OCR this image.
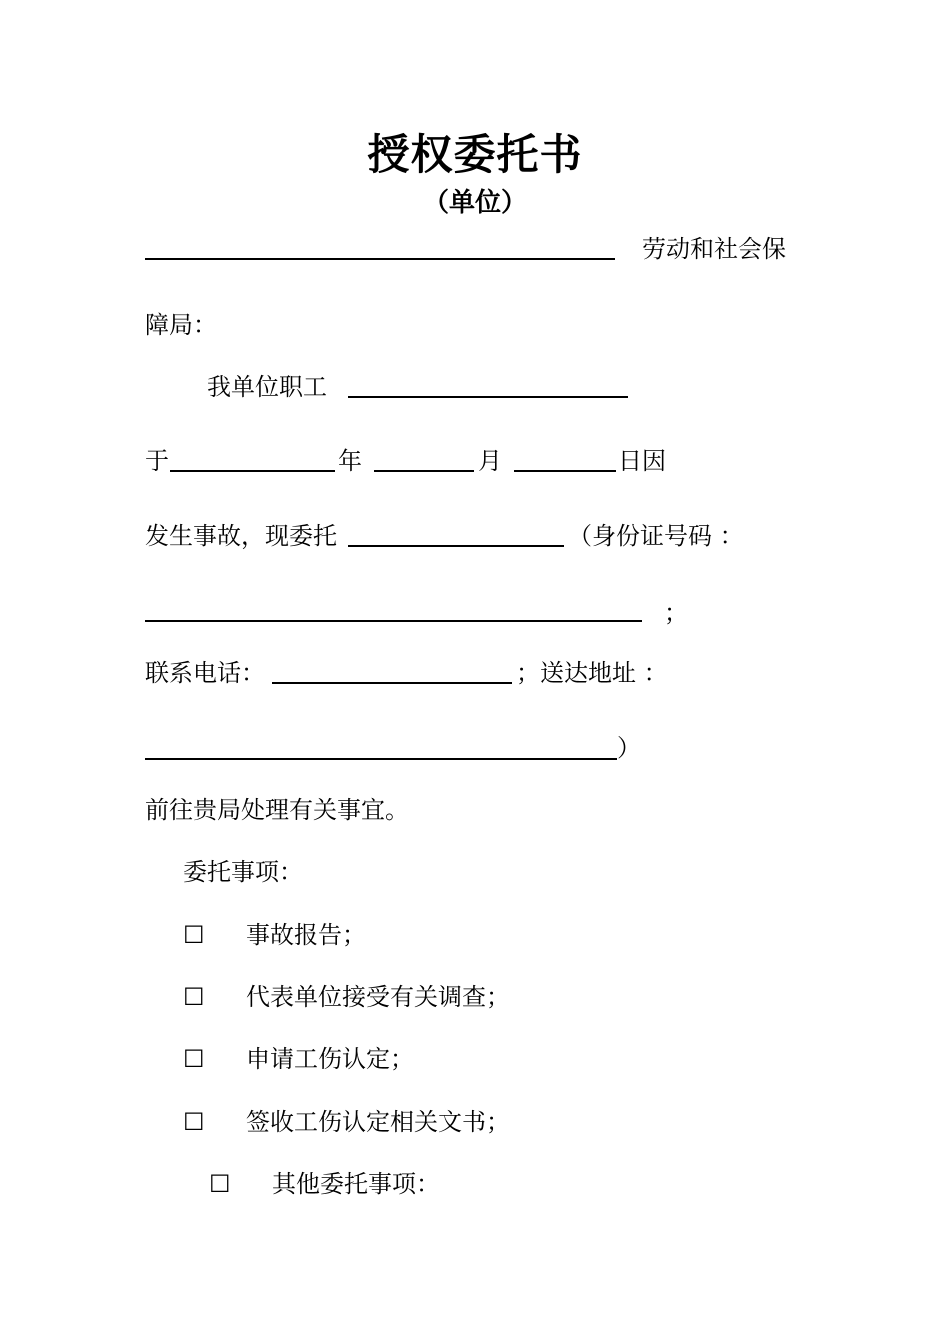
授权委托书
（单位）
劳动和社会保
障局：
我单位职工
于	年	月	日因
发生事故，现委托	（身份证号码 ：
；
联系电话：	；送达地址 ：
）
前往贵局处理有关事宜。
委托事项：
☐ 事故报告；
☐ 代表单位接受有关调查；
☐ 申请工伤认定；
☐ 签收工伤认定相关文书；
☐ 其他委托事项：
